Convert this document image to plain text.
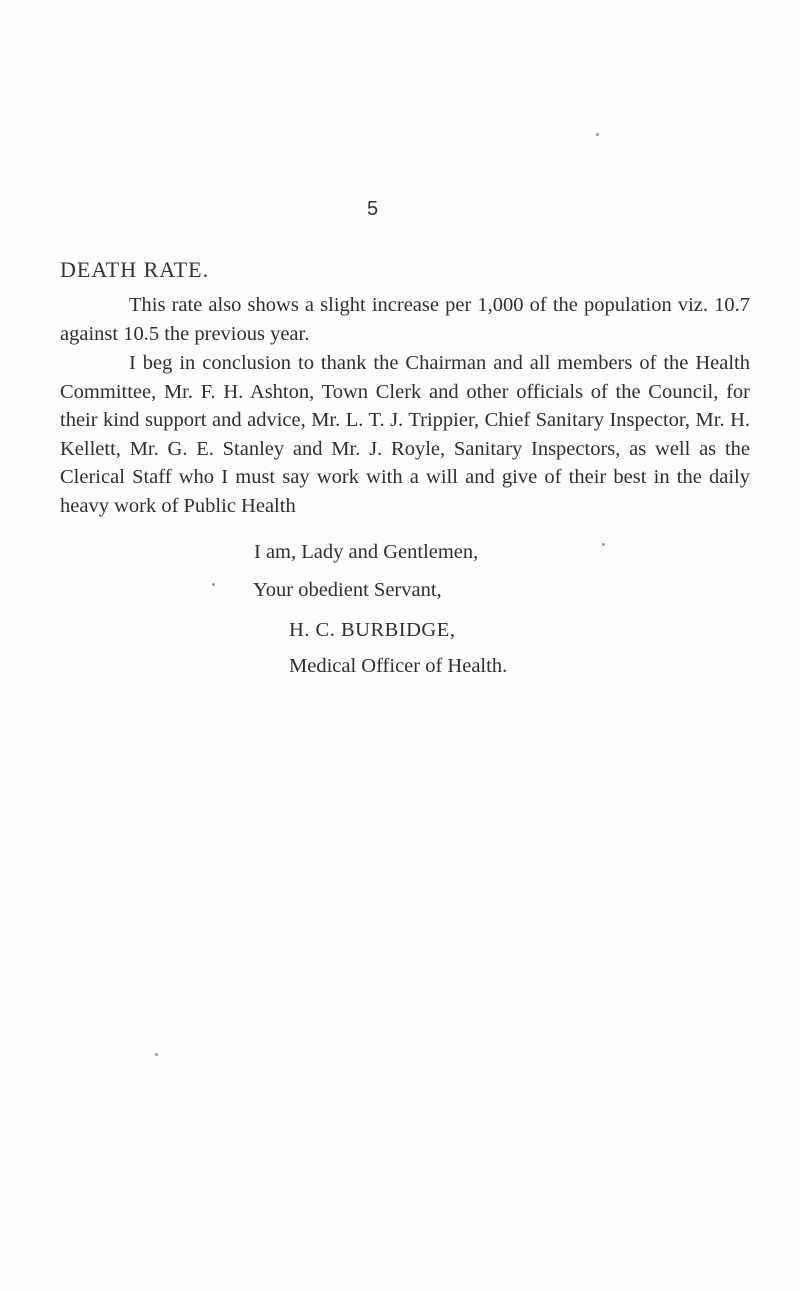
5
DEATH RATE.

This rate also shows a slight increase per 1,000 of the population viz. 10.7 against 10.5 the previous year.

I beg in conclusion to thank the Chairman and all members of the Health Committee, Mr. F. H. Ashton, Town Clerk and other officials of the Council, for their kind support and advice, Mr. L. T. J. Trippier, Chief Sanitary Inspector, Mr. H. Kellett, Mr. G. E. Stanley and Mr. J. Royle, Sanitary Inspectors, as well as the Clerical Staff who I must say work with a will and give of their best in the daily heavy work of Public Health

I am, Lady and Gentlemen,
Your obedient Servant,
H. C. BURBIDGE,
Medical Officer of Health.
